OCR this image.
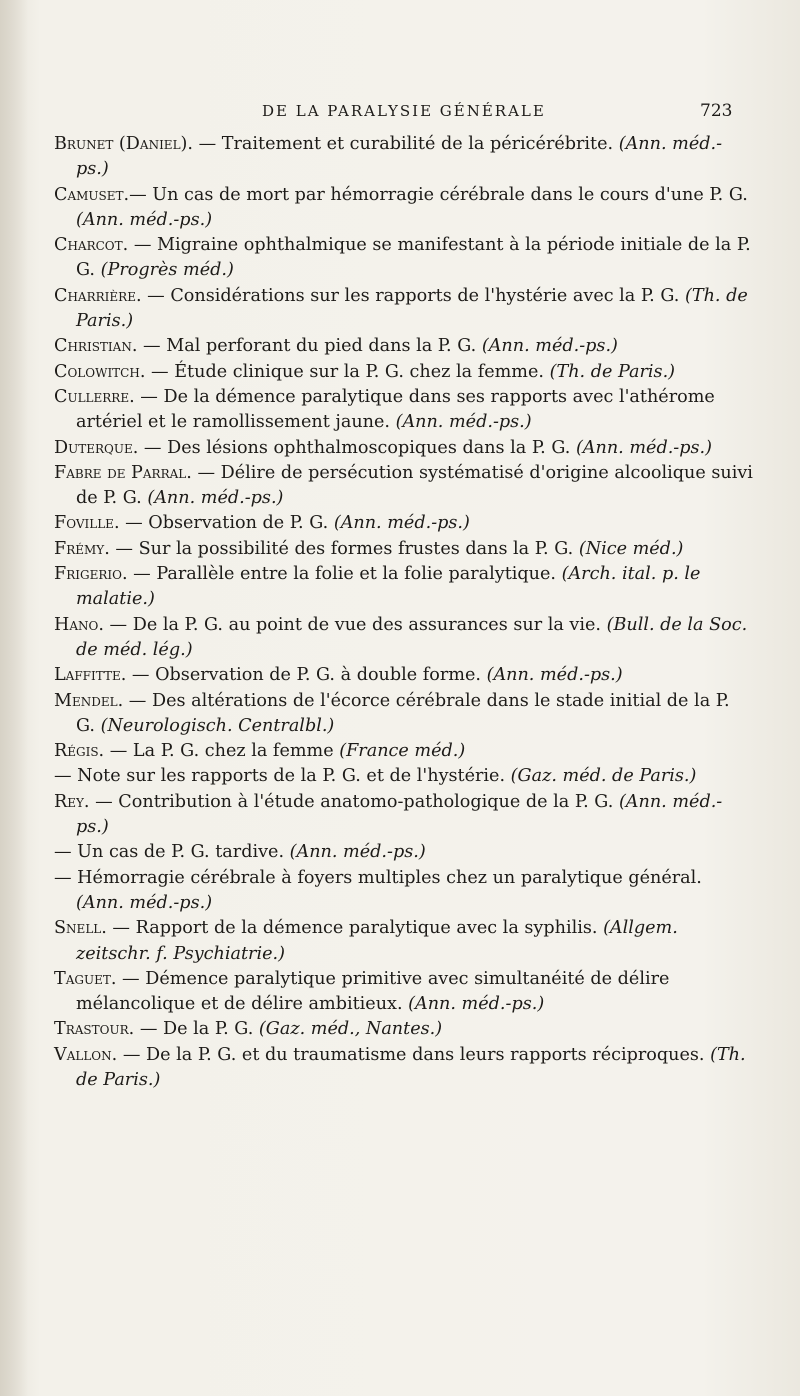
DE LA PARALYSIE GÉNÉRALE	723

Brunet (Daniel). — Traitement et curabilité de la péricérébrite. (Ann. méd.-ps.)

Camuset.— Un cas de mort par hémorragie cérébrale dans le cours d'une P. G. (Ann. méd.-ps.)

Charcot. — Migraine ophthalmique se manifestant à la période initiale de la P. G. (Progrès méd.)

Charrière. — Considérations sur les rapports de l'hystérie avec la P. G. (Th. de Paris.)

Christian. — Mal perforant du pied dans la P. G. (Ann. méd.-ps.)

Colowitch. — Étude clinique sur la P. G. chez la femme. (Th. de Paris.)

Cullerre. — De la démence paralytique dans ses rapports avec l'athérome artériel et le ramollissement jaune. (Ann. méd.-ps.)

Duterque. — Des lésions ophthalmoscopiques dans la P. G. (Ann. méd.-ps.)

Fabre de Parral. — Délire de persécution systématisé d'origine alcoolique suivi de P. G. (Ann. méd.-ps.)

Foville. — Observation de P. G. (Ann. méd.-ps.)

Frémy. — Sur la possibilité des formes frustes dans la P. G. (Nice méd.)

Frigerio. — Parallèle entre la folie et la folie paralytique. (Arch. ital. p. le malatie.)

Hano. — De la P. G. au point de vue des assurances sur la vie. (Bull. de la Soc. de méd. lég.)

Laffitte. — Observation de P. G. à double forme. (Ann. méd.-ps.)

Mendel. — Des altérations de l'écorce cérébrale dans le stade initial de la P. G. (Neurologisch. Centralbl.)

Régis. — La P. G. chez la femme (France méd.)

— Note sur les rapports de la P. G. et de l'hystérie. (Gaz. méd. de Paris.)

Rey. — Contribution à l'étude anatomo-pathologique de la P. G. (Ann. méd.-ps.)

— Un cas de P. G. tardive. (Ann. méd.-ps.)

— Hémorragie cérébrale à foyers multiples chez un paralytique général. (Ann. méd.-ps.)

Snell. — Rapport de la démence paralytique avec la syphilis. (Allgem. zeitschr. f. Psychiatrie.)

Taguet. — Démence paralytique primitive avec simultanéité de délire mélancolique et de délire ambitieux. (Ann. méd.-ps.)

Trastour. — De la P. G. (Gaz. méd., Nantes.)

Vallon. — De la P. G. et du traumatisme dans leurs rapports réciproques. (Th. de Paris.)
